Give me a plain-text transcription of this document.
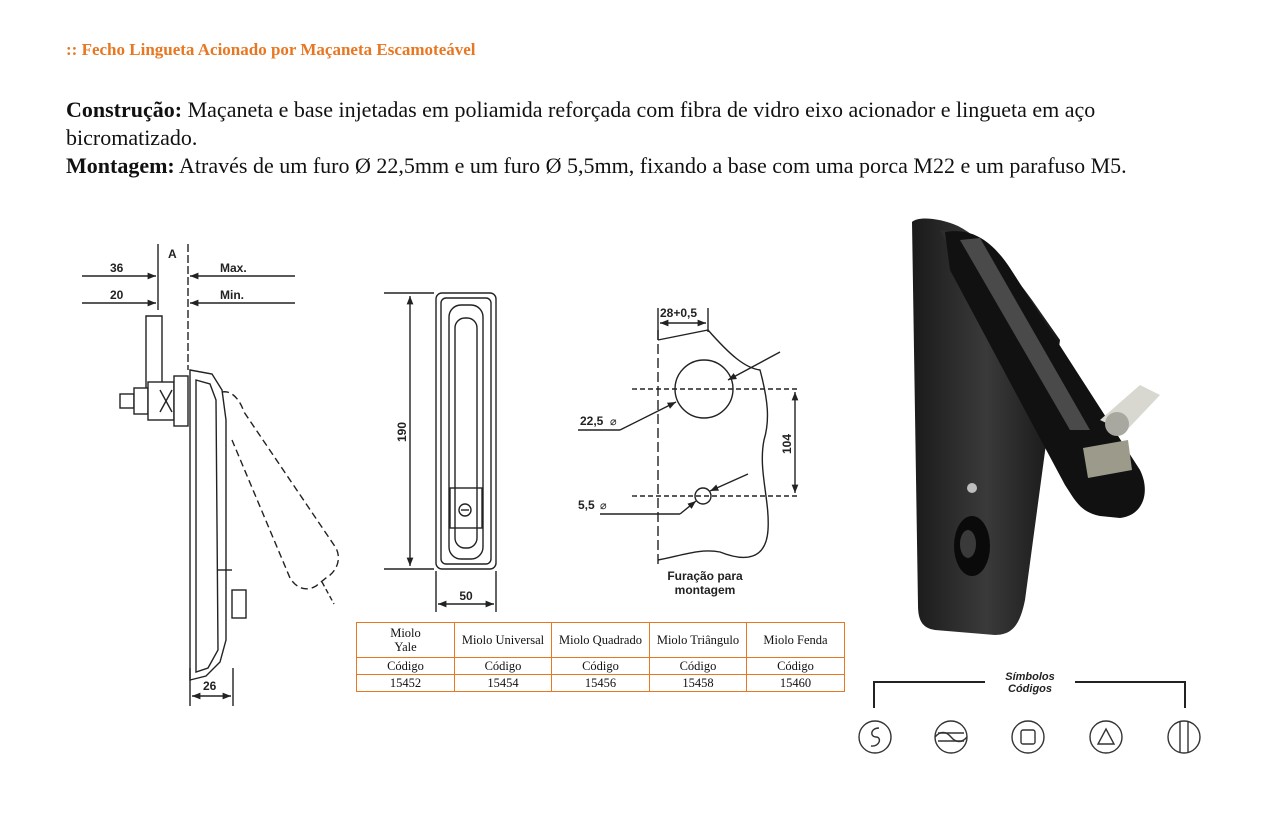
:: Fecho Lingueta Acionado por Maçaneta Escamoteável
Construção: Maçaneta e base injetadas em poliamida reforçada com fibra de vidro eixo acionador e lingueta em aço bicromatizado.
Montagem: Através de um furo Ø 22,5mm e um furo Ø 5,5mm, fixando a base com uma porca M22 e um parafuso M5.
36
20
A
Max.
Min.
26
190
50
28+0,5
22,5 ⌀
5,5 ⌀
104
Furação para
montagem
Símbolos
Códigos
Miolo Yale	Miolo Universal	Miolo Quadrado	Miolo Triângulo	Miolo Fenda
Código	Código	Código	Código	Código
15452	15454	15456	15458	15460
